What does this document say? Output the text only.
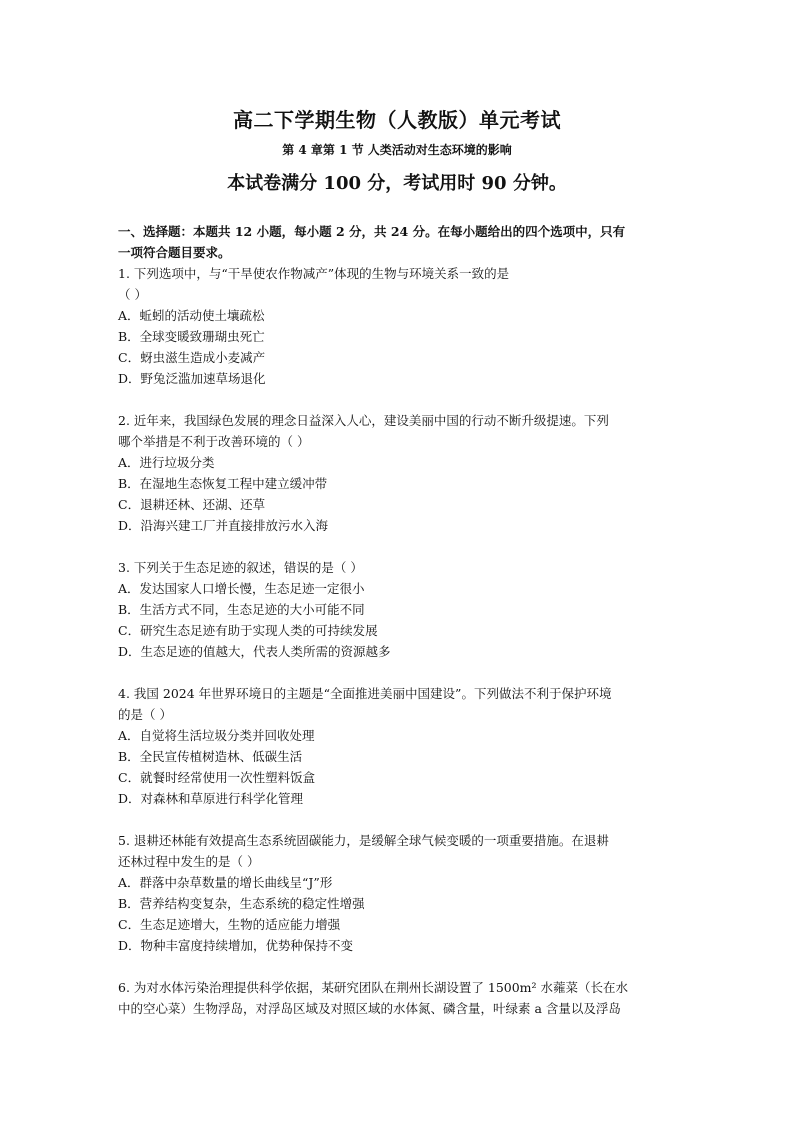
高二下学期生物（人教版）单元考试
第 4 章第 1 节 人类活动对生态环境的影响
本试卷满分 100 分，考试用时 90 分钟。

一、选择题：本题共 12 小题，每小题 2 分，共 24 分。在每小题给出的四个选项中，只有

一项符合题目要求。

1. 下列选项中，与“干旱使农作物减产”体现的生物与环境关系一致的是

（ ）

A．蚯蚓的活动使土壤疏松

B．全球变暖致珊瑚虫死亡

C．蚜虫滋生造成小麦减产

D．野兔泛滥加速草场退化

2. 近年来，我国绿色发展的理念日益深入人心，建设美丽中国的行动不断升级提速。下列

哪个举措是不利于改善环境的（ ）

A．进行垃圾分类

B．在湿地生态恢复工程中建立缓冲带

C．退耕还林、还湖、还草

D．沿海兴建工厂并直接排放污水入海

3. 下列关于生态足迹的叙述，错误的是（ ）

A．发达国家人口增长慢，生态足迹一定很小

B．生活方式不同，生态足迹的大小可能不同

C．研究生态足迹有助于实现人类的可持续发展

D．生态足迹的值越大，代表人类所需的资源越多

4. 我国 2024 年世界环境日的主题是“全面推进美丽中国建设”。下列做法不利于保护环境

的是（ ）

A．自觉将生活垃圾分类并回收处理

B．全民宣传植树造林、低碳生活

C．就餐时经常使用一次性塑料饭盒

D．对森林和草原进行科学化管理

5. 退耕还林能有效提高生态系统固碳能力，是缓解全球气候变暖的一项重要措施。在退耕

还林过程中发生的是（ ）

A．群落中杂草数量的增长曲线呈“J”形

B．营养结构变复杂，生态系统的稳定性增强

C．生态足迹增大，生物的适应能力增强

D．物种丰富度持续增加，优势种保持不变

6. 为对水体污染治理提供科学依据，某研究团队在荆州长湖设置了 1500m² 水蕹菜（长在水

中的空心菜）生物浮岛，对浮岛区域及对照区域的水体氮、磷含量，叶绿素 a 含量以及浮岛
